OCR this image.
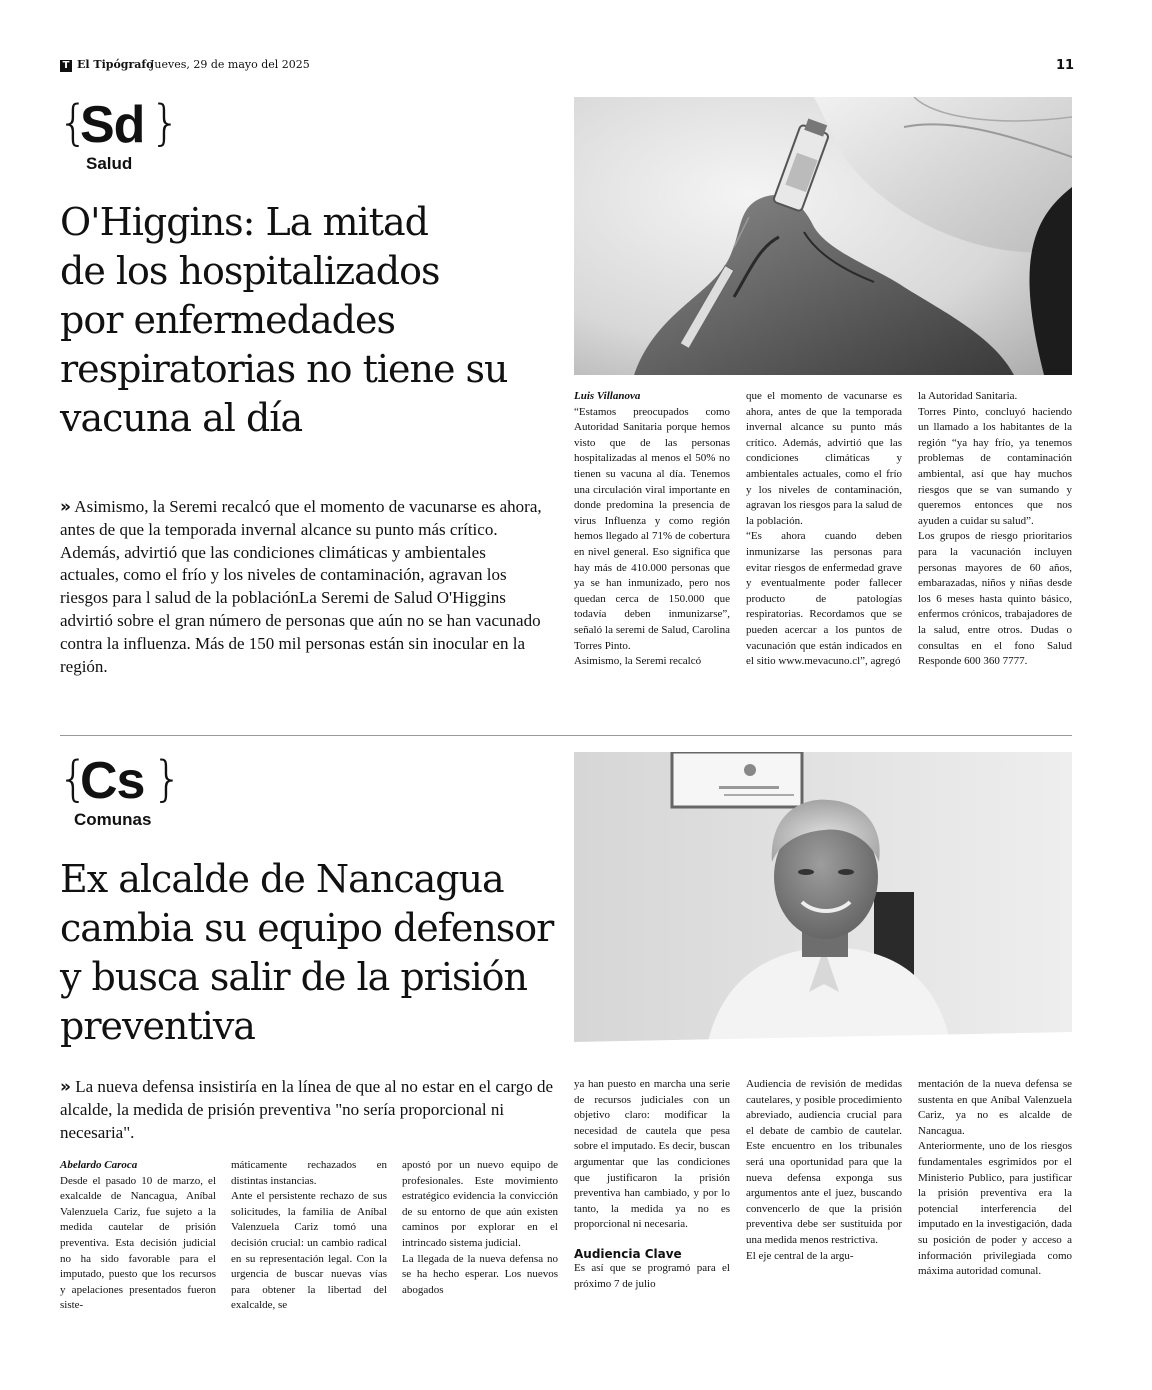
T El Tipógrafo
Jueves, 29 de mayo del 2025	11
{
Sd }
Salud
O'Higgins: La mitad
de los hospitalizados
por enfermedades
respiratorias no tiene su
vacuna al día
» Asimismo, la Seremi recalcó que el momento de vacunarse es ahora, antes de que la temporada invernal alcance su punto más crítico. Además, advirtió que las condiciones climáticas y ambientales actuales, como el frío y los niveles de contaminación, agravan los riesgos para l salud de la poblaciónLa Seremi de Salud O'Higgins advirtió sobre el gran número de personas que aún no se han vacunado contra la influenza. Más de 150 mil personas están sin inocular en la región.

Luis Villanova

“Estamos preocupados como Autoridad Sanitaria porque hemos visto que de las personas hospitalizadas al menos el 50% no tienen su vacuna al día. Tenemos una circulación viral importante en donde predomina la presencia de virus Influenza y como región hemos llegado al 71% de cobertura en nivel general. Eso significa que hay más de 410.000 personas que ya se han inmunizado, pero nos quedan cerca de 150.000 que todavía deben inmunizarse”, señaló la seremi de Salud, Carolina Torres Pinto.

Asimismo, la Seremi recalcó

que el momento de vacunarse es ahora, antes de que la temporada invernal alcance su punto más crítico. Además, advirtió que las condiciones climáticas y ambientales actuales, como el frío y los niveles de contaminación, agravan los riesgos para la salud de la población.

“Es ahora cuando deben inmunizarse las personas para evitar riesgos de enfermedad grave y eventualmente poder fallecer producto de patologías respiratorias. Recordamos que se pueden acercar a los puntos de vacunación que están indicados en el sitio www.mevacuno.cl”, agregó

la Autoridad Sanitaria.

Torres Pinto, concluyó haciendo un llamado a los habitantes de la región “ya hay frío, ya tenemos problemas de contaminación ambiental, así que hay muchos riesgos que se van sumando y queremos entonces que nos ayuden a cuidar su salud”.

Los grupos de riesgo prioritarios para la vacunación incluyen personas mayores de 60 años, embarazadas, niños y niñas desde los 6 meses hasta quinto básico, enfermos crónicos, trabajadores de la salud, entre otros. Dudas o consultas en el fono Salud Responde 600 360 7777.

{
Cs }
Comunas
Ex alcalde de Nancagua
cambia su equipo defensor
y busca salir de la prisión
preventiva
» La nueva defensa insistiría en la línea de que al no estar en el cargo de alcalde, la medida de prisión preventiva "no sería proporcional ni necesaria".

Abelardo Caroca

Desde el pasado 10 de marzo, el exalcalde de Nancagua, Aníbal Valenzuela Cariz, fue sujeto a la medida cautelar de prisión preventiva. Esta decisión judicial no ha sido favorable para el imputado, puesto que los recursos y apelaciones presentados fueron siste-

máticamente rechazados en distintas instancias.

Ante el persistente rechazo de sus solicitudes, la familia de Aníbal Valenzuela Cariz tomó una decisión crucial: un cambio radical en su representación legal. Con la urgencia de buscar nuevas vías para obtener la libertad del exalcalde, se

apostó por un nuevo equipo de profesionales. Este movimiento estratégico evidencia la convicción de su entorno de que aún existen caminos por explorar en el intrincado sistema judicial.

La llegada de la nueva defensa no se ha hecho esperar. Los nuevos abogados

ya han puesto en marcha una serie de recursos judiciales con un objetivo claro: modificar la necesidad de cautela que pesa sobre el imputado. Es decir, buscan argumentar que las condiciones que justificaron la prisión preventiva han cambiado, y por lo tanto, la medida ya no es proporcional ni necesaria.

Audiencia Clave

Es así que se programó para el próximo 7 de julio

Audiencia de revisión de medidas cautelares, y posible procedimiento abreviado, audiencia crucial para el debate de cambio de cautelar. Este encuentro en los tribunales será una oportunidad para que la nueva defensa exponga sus argumentos ante el juez, buscando convencerlo de que la prisión preventiva debe ser sustituida por una medida menos restrictiva.

El eje central de la argu-

mentación de la nueva defensa se sustenta en que Aníbal Valenzuela Cariz, ya no es alcalde de Nancagua.

Anteriormente, uno de los riesgos fundamentales esgrimidos por el Ministerio Publico, para justificar la prisión preventiva era la potencial interferencia del imputado en la investigación, dada su posición de poder y acceso a información privilegiada como máxima autoridad comunal.
